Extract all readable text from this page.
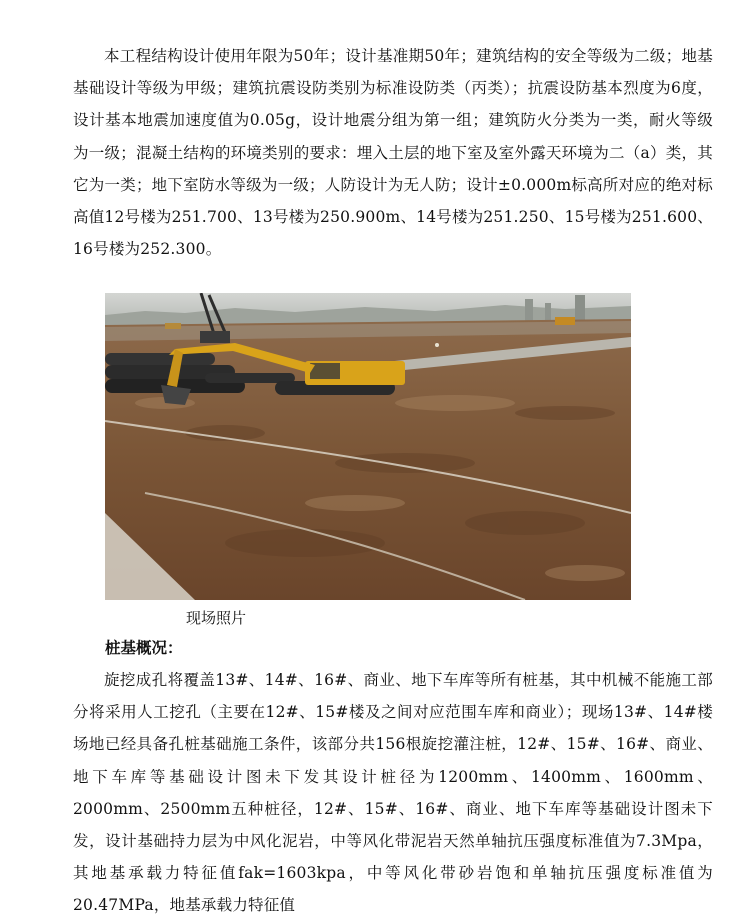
本工程结构设计使用年限为50年；设计基准期50年；建筑结构的安全等级为二级；地基基础设计等级为甲级；建筑抗震设防类别为标准设防类（丙类）；抗震设防基本烈度为6度，设计基本地震加速度值为0.05g，设计地震分组为第一组；建筑防火分类为一类，耐火等级为一级；混凝土结构的环境类别的要求：埋入土层的地下室及室外露天环境为二（a）类，其它为一类；地下室防水等级为一级；人防设计为无人防；设计±0.000m标高所对应的绝对标高值12号楼为251.700、13号楼为250.900m、14号楼为251.250、15号楼为251.600、16号楼为252.300。

现场照片

桩基概况：

旋挖成孔将覆盖13#、14#、16#、商业、地下车库等所有桩基，其中机械不能施工部分将采用人工挖孔（主要在12#、15#楼及之间对应范围车库和商业）；现场13#、14#楼场地已经具备孔桩基础施工条件，该部分共156根旋挖灌注桩，12#、15#、16#、商业、地下车库等基础设计图未下发其设计桩径为1200mm、1400mm、1600mm、2000mm、2500mm五种桩径，12#、15#、16#、商业、地下车库等基础设计图未下发，设计基础持力层为中风化泥岩，中等风化带泥岩天然单轴抗压强度标准值为7.3Mpa，其地基承载力特征值fak=1603kpa，中等风化带砂岩饱和单轴抗压强度标准值为20.47MPa，地基承载力特征值
